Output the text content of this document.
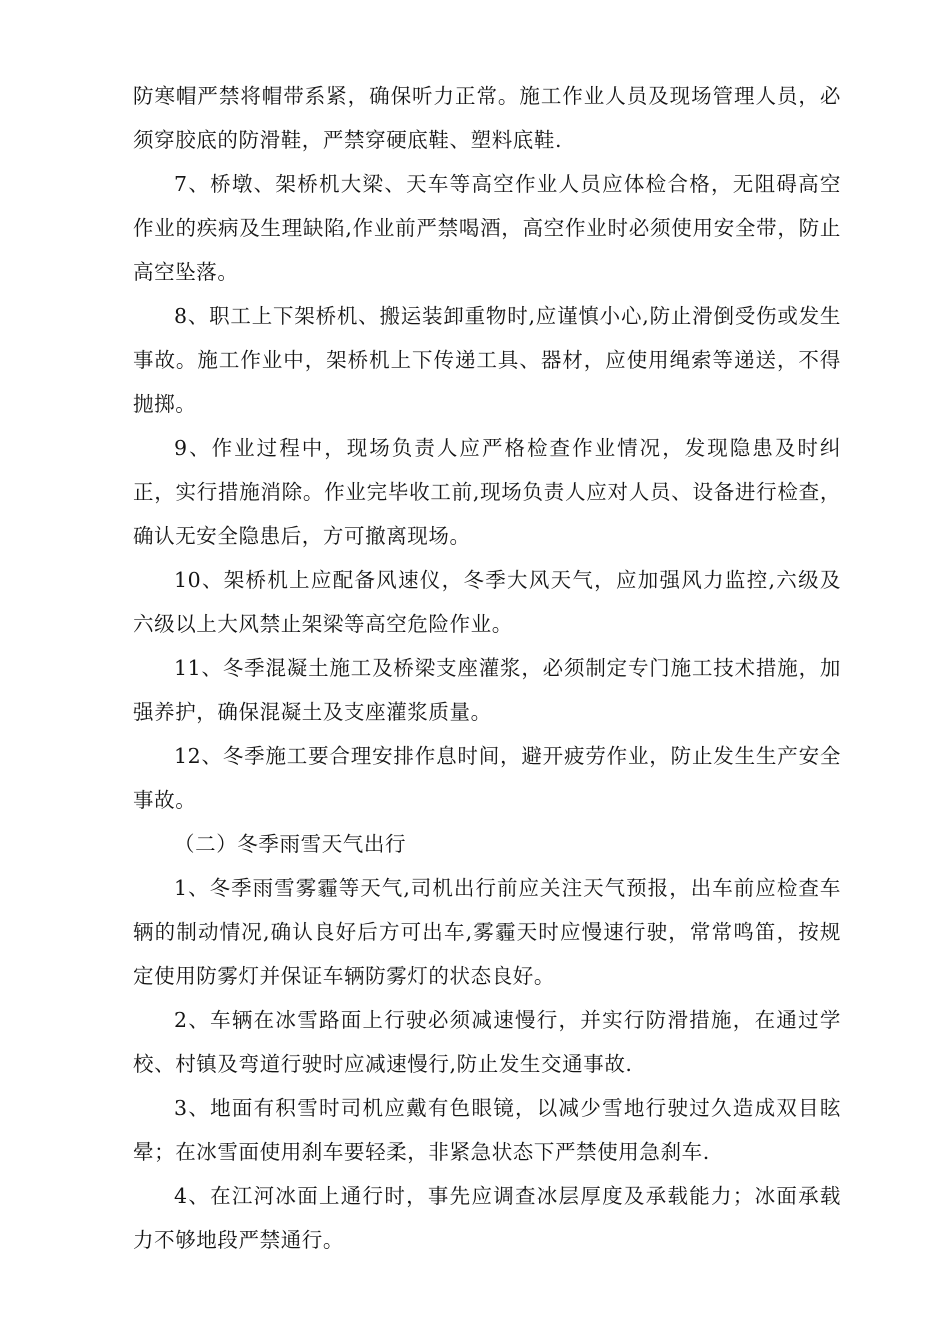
防寒帽严禁将帽带系紧，确保听力正常。施工作业人员及现场管理人员，必须穿胶底的防滑鞋，严禁穿硬底鞋、塑料底鞋.

7、桥墩、架桥机大梁、天车等高空作业人员应体检合格，无阻碍高空作业的疾病及生理缺陷,作业前严禁喝酒，高空作业时必须使用安全带，防止高空坠落。

8、职工上下架桥机、搬运装卸重物时,应谨慎小心,防止滑倒受伤或发生事故。施工作业中，架桥机上下传递工具、器材，应使用绳索等递送，不得抛掷。

9、作业过程中，现场负责人应严格检查作业情况，发现隐患及时纠正，实行措施消除。作业完毕收工前,现场负责人应对人员、设备进行检查，确认无安全隐患后，方可撤离现场。

10、架桥机上应配备风速仪，冬季大风天气，应加强风力监控,六级及六级以上大风禁止架梁等高空危险作业。

11、冬季混凝土施工及桥梁支座灌浆，必须制定专门施工技术措施，加强养护，确保混凝土及支座灌浆质量。

12、冬季施工要合理安排作息时间，避开疲劳作业，防止发生生产安全事故。

（二）冬季雨雪天气出行

1、冬季雨雪雾霾等天气,司机出行前应关注天气预报，出车前应检查车辆的制动情况,确认良好后方可出车,雾霾天时应慢速行驶，常常鸣笛，按规定使用防雾灯并保证车辆防雾灯的状态良好。

2、车辆在冰雪路面上行驶必须减速慢行，并实行防滑措施，在通过学校、村镇及弯道行驶时应减速慢行,防止发生交通事故.

3、地面有积雪时司机应戴有色眼镜，以减少雪地行驶过久造成双目眩晕；在冰雪面使用刹车要轻柔，非紧急状态下严禁使用急刹车.

4、在江河冰面上通行时，事先应调查冰层厚度及承载能力；冰面承载力不够地段严禁通行。
